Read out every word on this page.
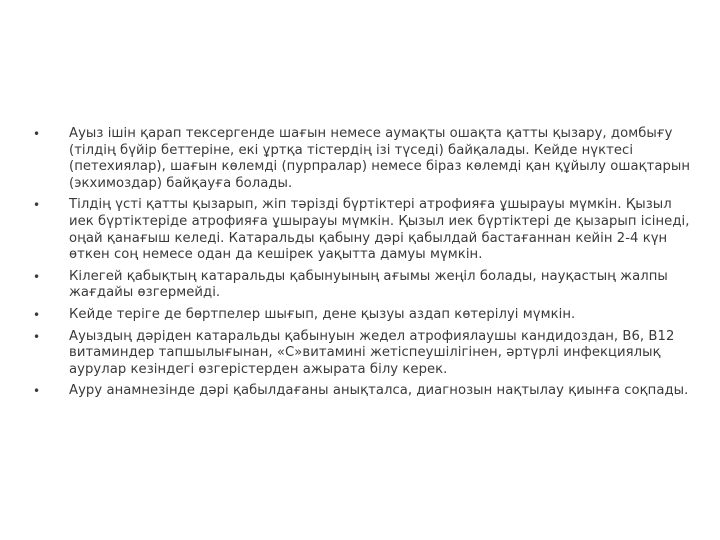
•	Ауыз ішін қарап тексергенде шағын немесе аумақты ошақта қатты қызару, домбығу (тілдің бүйір беттеріне, екі ұртқа тістердің ізі түседі) байқалады. Кейде нүктесі (петехиялар), шағын көлемді (пурпралар) немесе біраз көлемді қан құйылу ошақтарын (экхимоздар) байқауға болады.
•	Тілдің үсті қатты қызарып, жіп тәрізді бүртіктері атрофияға ұшырауы мүмкін. Қызыл иек бүртіктеріде атрофияға ұшырауы мүмкін. Қызыл иек бүртіктері де қызарып ісінеді, оңай қанағыш келеді. Катаральды қабыну дәрі қабылдай бастағаннан кейін 2-4 күн өткен соң немесе одан да кешірек уақытта дамуы мүмкін.
•	Кілегей қабықтың катаральды қабынуының ағымы жеңіл болады, науқастың жалпы жағдайы өзгермейді.
•	Кейде теріге де бөртпелер шығып, дене қызуы аздап көтерілуі мүмкін.
•	Ауыздың дәріден катаральды қабынуын жедел атрофиялаушы кандидоздан, B6, B12 витаминдер тапшылығынан, «С»витамині жетіспеушілігінен, әртүрлі инфекциялық аурулар кезіндегі өзгерістерден ажырата білу керек.
•	Ауру анамнезінде дәрі қабылдағаны анықталса, диагнозын нақтылау қиынға соқпады.
